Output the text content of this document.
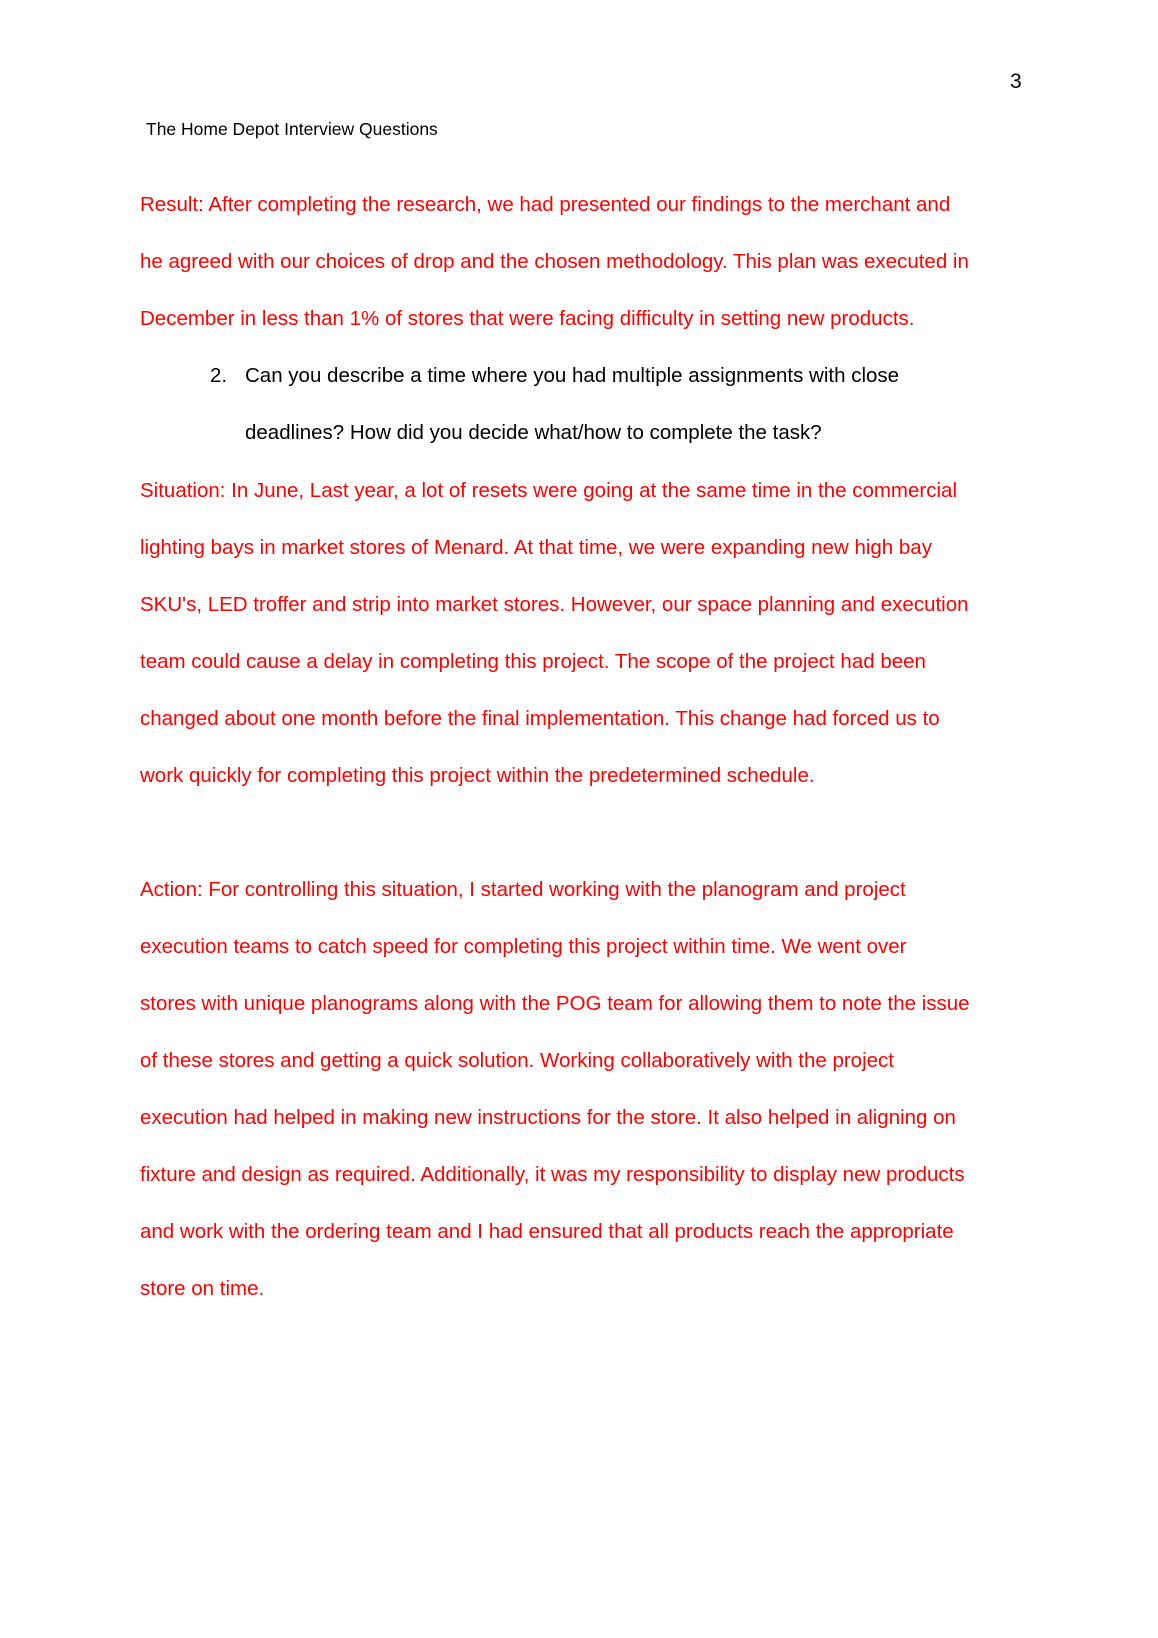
3
The Home Depot Interview Questions
Result: After completing the research, we had presented our findings to the merchant and
he agreed with our choices of drop and the chosen methodology. This plan was executed in
December in less than 1% of stores that were facing difficulty in setting new products.
2. Can you describe a time where you had multiple assignments with close
deadlines? How did you decide what/how to complete the task?
Situation: In June, Last year, a lot of resets were going at the same time in the commercial
lighting bays in market stores of Menard. At that time, we were expanding new high bay
SKU's, LED troffer and strip into market stores. However, our space planning and execution
team could cause a delay in completing this project. The scope of the project had been
changed about one month before the final implementation. This change had forced us to
work quickly for completing this project within the predetermined schedule.
Action: For controlling this situation, I started working with the planogram and project
execution teams to catch speed for completing this project within time. We went over
stores with unique planograms along with the POG team for allowing them to note the issue
of these stores and getting a quick solution. Working collaboratively with the project
execution had helped in making new instructions for the store. It also helped in aligning on
fixture and design as required. Additionally, it was my responsibility to display new products
and work with the ordering team and I had ensured that all products reach the appropriate
store on time.
